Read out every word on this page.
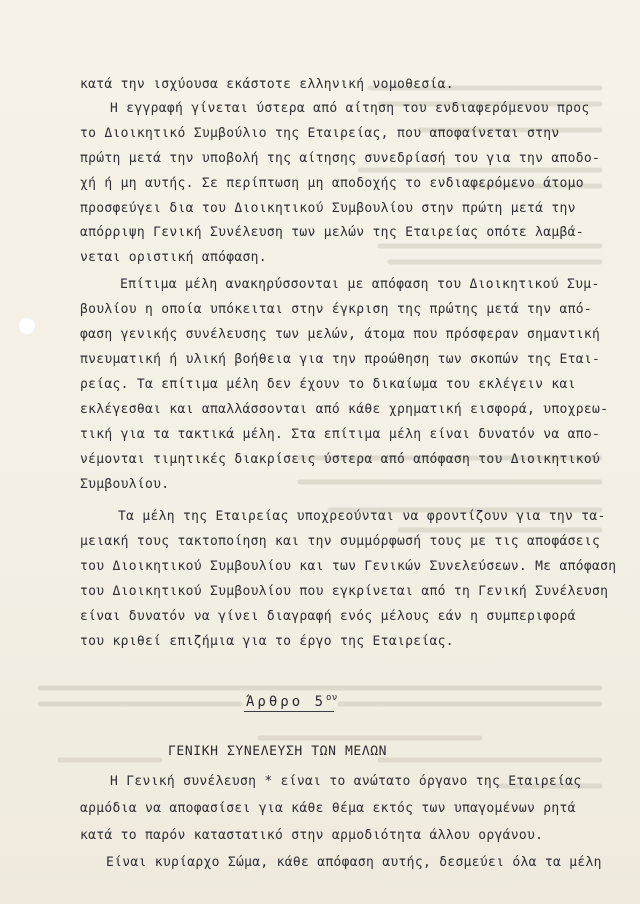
κατά την ισχύουσα εκάστοτε ελληνική νομοθεσία.
Η εγγραφή γίνεται ύστερα από αίτηση του ενδιαφερόμενου προς
το Διοικητικό Συμβούλιο της Εταιρείας, που αποφαίνεται στην
πρώτη μετά την υποβολή της αίτησης συνεδρίασή του για την αποδο-
χή ή μη αυτής. Σε περίπτωση μη αποδοχής το ενδιαφερόμενο άτομο
προσφεύγει δια του Διοικητικού Συμβουλίου στην πρώτη μετά την
απόρριψη Γενική Συνέλευση των μελών της Εταιρείας οπότε λαμβά-
νεται οριστική απόφαση.
Επίτιμα μέλη ανακηρύσσονται με απόφαση του Διοικητικού Συμ-
βουλίου η οποία υπόκειται στην έγκριση της πρώτης μετά την από-
φαση γενικής συνέλευσης των μελών, άτομα που πρόσφεραν σημαντική
πνευματική ή υλική βοήθεια για την προώθηση των σκοπών της Εται-
ρείας. Τα επίτιμα μέλη δεν έχουν το δικαίωμα του εκλέγειν και
εκλέγεσθαι και απαλλάσσονται από κάθε χρηματική εισφορά, υποχρεω-
τική για τα τακτικά μέλη. Στα επίτιμα μέλη είναι δυνατόν να απο-
νέμονται τιμητικές διακρίσεις ύστερα από απόφαση του Διοικητικού
Συμβουλίου.
Τα μέλη της Εταιρείας υποχρεούνται να φροντίζουν για την τα-
μειακή τους τακτοποίηση και την συμμόρφωσή τους με τις αποφάσεις
του Διοικητικού Συμβουλίου και των Γενικών Συνελεύσεων. Με απόφαση
του Διοικητικού Συμβουλίου που εγκρίνεται από τη Γενική Συνέλευση
είναι δυνατόν να γίνει διαγραφή ενός μέλους εάν η συμπεριφορά
του κριθεί επιζήμια για το έργο της Εταιρείας.
Άρθρο $5^{o\nu}$
ΓΕΝΙΚΗ ΣΥΝΕΛΕΥΣΗ ΤΩΝ ΜΕΛΩΝ
Η Γενική συνέλευση * είναι το ανώτατο όργανο της Εταιρείας
αρμόδια να αποφασίσει για κάθε θέμα εκτός των υπαγομένων ρητά
κατά το παρόν καταστατικό στην αρμοδιότητα άλλου οργάνου.
Είναι κυρίαρχο Σώμα, κάθε απόφαση αυτής, δεσμεύει όλα τα μέλη
